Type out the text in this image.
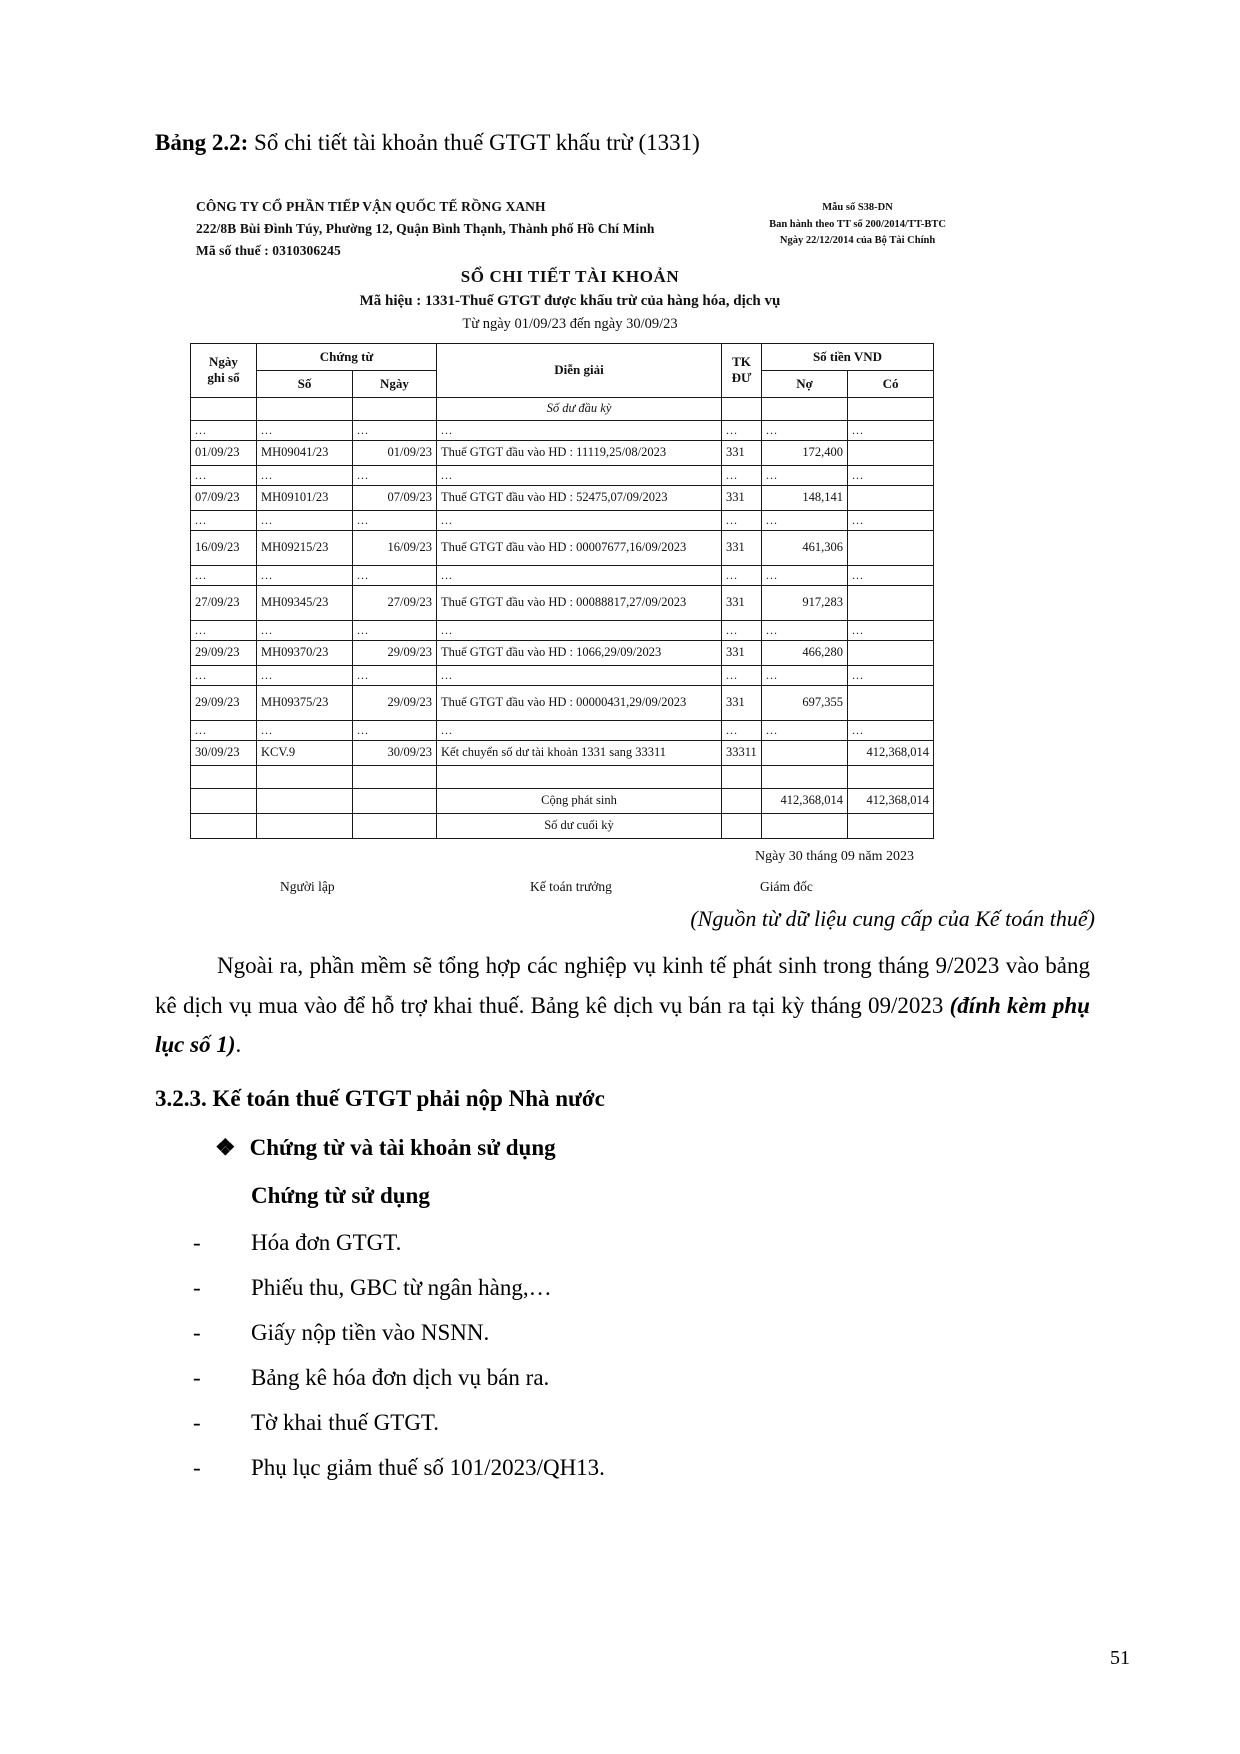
Bảng 2.2: Sổ chi tiết tài khoản thuế GTGT khấu trừ (1331)
CÔNG TY CỔ PHẦN TIẾP VẬN QUỐC TẾ RỒNG XANH
222/8B Bùi Đình Túy, Phường 12, Quận Bình Thạnh, Thành phố Hồ Chí Minh
Mã số thuế : 0310306245
Mẫu số S38-DN
Ban hành theo TT số 200/2014/TT-BTC
Ngày 22/12/2014 của Bộ Tài Chính
SỔ CHI TIẾT TÀI KHOẢN
Mã hiệu : 1331-Thuế GTGT được khấu trừ của hàng hóa, dịch vụ
Từ ngày 01/09/23 đến ngày 30/09/23
Ngày
ghi sổ
	Chứng từ	Diễn giải	
TK
ĐƯ
	Số tiền VND
	Số	Ngày			Nợ	Có
			Số dư đầu kỳ			
...	...	...	...	...	...	...
01/09/23	MH09041/23	01/09/23	Thuế GTGT đầu vào HD : 11119,25/08/2023	331	172,400	
...	...	...	...	...	...	...
07/09/23	MH09101/23	07/09/23	Thuế GTGT đầu vào HD : 52475,07/09/2023	331	148,141	
...	...	...	...	...	...	...
16/09/23	MH09215/23	16/09/23	Thuế GTGT đầu vào HD : 00007677,16/09/2023	331	461,306	
...	...	...	...	...	...	...
27/09/23	MH09345/23	27/09/23	Thuế GTGT đầu vào HD : 00088817,27/09/2023	331	917,283	
...	...	...	...	...	...	...
29/09/23	MH09370/23	29/09/23	Thuế GTGT đầu vào HD : 1066,29/09/2023	331	466,280	
...	...	...	...	...	...	...
29/09/23	MH09375/23	29/09/23	Thuế GTGT đầu vào HD : 00000431,29/09/2023	331	697,355	
...	...	...	...	...	...	...
30/09/23	KCV.9	30/09/23	Kết chuyển số dư tài khoản 1331 sang 33311	33311		412,368,014

			Cộng phát sinh		412,368,014	412,368,014
			Số dư cuối kỳ			
Ngày 30 tháng 09 năm 2023
Người lập	Kế toán trưởng	Giám đốc
(Nguồn từ dữ liệu cung cấp của Kế toán thuế)

Ngoài ra, phần mềm sẽ tổng hợp các nghiệp vụ kinh tế phát sinh trong tháng 9/2023 vào bảng kê dịch vụ mua vào để hỗ trợ khai thuế. Bảng kê dịch vụ bán ra tại kỳ tháng 09/2023 (đính kèm phụ lục số 1).

3.2.3. Kế toán thuế GTGT phải nộp Nhà nước

❖ Chứng từ và tài khoản sử dụng

Chứng từ sử dụng

- Hóa đơn GTGT.
- Phiếu thu, GBC từ ngân hàng,…
- Giấy nộp tiền vào NSNN.
- Bảng kê hóa đơn dịch vụ bán ra.
- Tờ khai thuế GTGT.
- Phụ lục giảm thuế số 101/2023/QH13.
51
